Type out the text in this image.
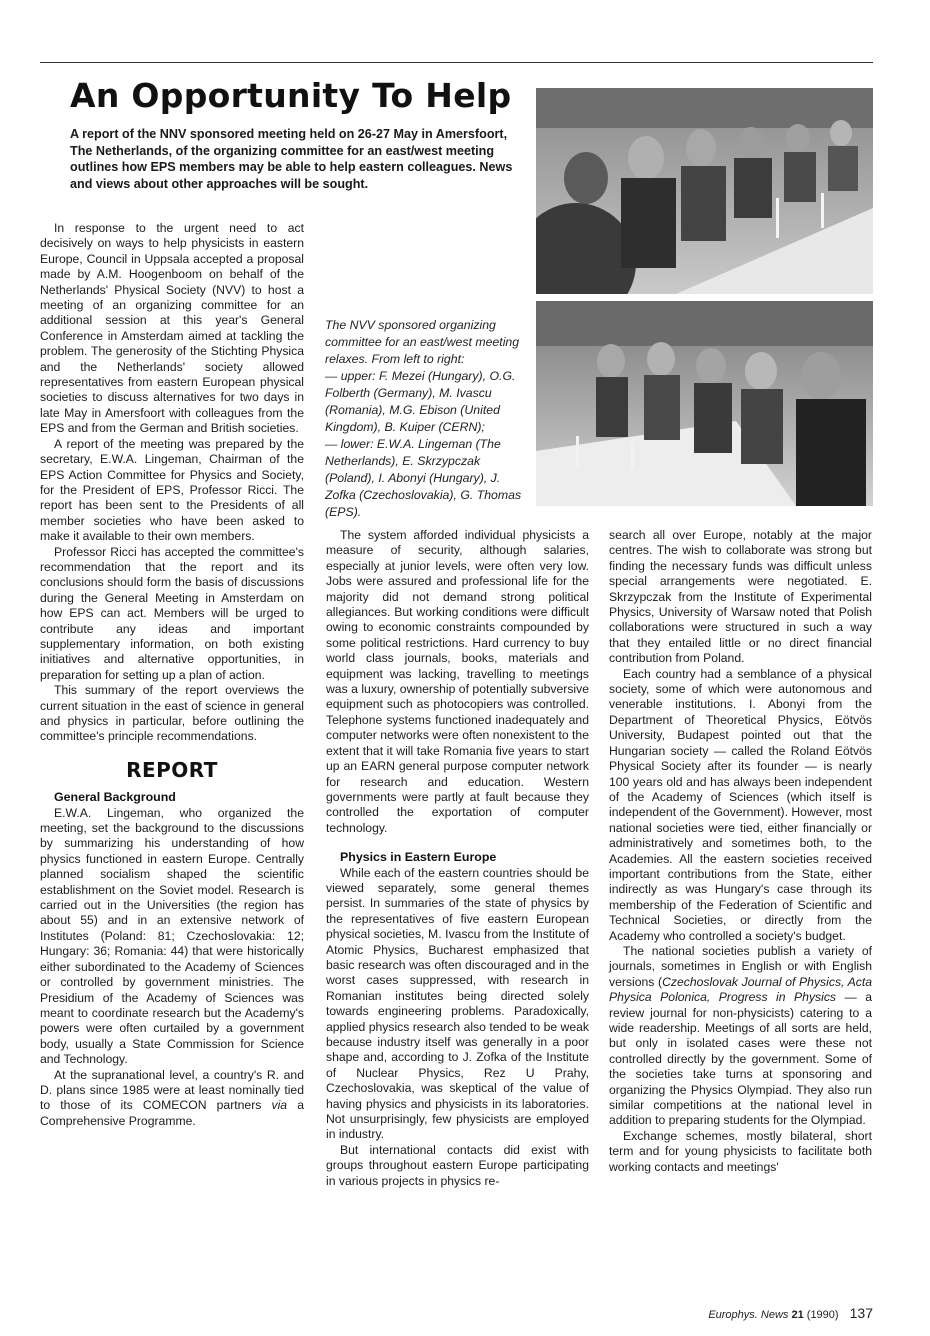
An Opportunity To Help

A report of the NNV sponsored meeting held on 26-27 May in Amersfoort, The Netherlands, of the organizing committee for an east/west meeting outlines how EPS members may be able to help eastern colleagues. News and views about other approaches will be sought.

The NVV sponsored organizing committee for an east/west meeting relaxes. From left to right:

— upper: F. Mezei (Hungary), O.G. Folberth (Germany), M. Ivascu (Romania), M.G. Ebison (United Kingdom), B. Kuiper (CERN);

— lower: E.W.A. Lingeman (The Netherlands), E. Skrzypczak (Poland), I. Abonyi (Hungary), J. Zofka (Czechoslovakia), G. Thomas (EPS).

In response to the urgent need to act decisively on ways to help physicists in eastern Europe, Council in Uppsala accepted a proposal made by A.M. Hoogenboom on behalf of the Netherlands' Physical Society (NVV) to host a meeting of an organizing committee for an additional session at this year's General Conference in Amsterdam aimed at tackling the problem. The generosity of the Stichting Physica and the Netherlands' society allowed representatives from eastern European physical societies to discuss alternatives for two days in late May in Amersfoort with colleagues from the EPS and from the German and British societies.

A report of the meeting was prepared by the secretary, E.W.A. Lingeman, Chairman of the EPS Action Committee for Physics and Society, for the President of EPS, Professor Ricci. The report has been sent to the Presidents of all member societies who have been asked to make it available to their own members.

Professor Ricci has accepted the committee's recommendation that the report and its conclusions should form the basis of discussions during the General Meeting in Amsterdam on how EPS can act. Members will be urged to contribute any ideas and important supplementary information, on both existing initiatives and alternative opportunities, in preparation for setting up a plan of action.

This summary of the report overviews the current situation in the east of science in general and physics in particular, before outlining the committee's principle recommendations.

REPORT

General Background

E.W.A. Lingeman, who organized the meeting, set the background to the discussions by summarizing his understanding of how physics functioned in eastern Europe. Centrally planned socialism shaped the scientific establishment on the Soviet model. Research is carried out in the Universities (the region has about 55) and in an extensive network of Institutes (Poland: 81; Czechoslovakia: 12; Hungary: 36; Romania: 44) that were historically either subordinated to the Academy of Sciences or controlled by government ministries. The Presidium of the Academy of Sciences was meant to coordinate research but the Academy's powers were often curtailed by a government body, usually a State Commission for Science and Technology.

At the supranational level, a country's R. and D. plans since 1985 were at least nominally tied to those of its COMECON partners via a Comprehensive Programme.

The system afforded individual physicists a measure of security, although salaries, especially at junior levels, were often very low. Jobs were assured and professional life for the majority did not demand strong political allegiances. But working conditions were difficult owing to economic constraints compounded by some political restrictions. Hard currency to buy world class journals, books, materials and equipment was lacking, travelling to meetings was a luxury, ownership of potentially subversive equipment such as photocopiers was controlled. Telephone systems functioned inadequately and computer networks were often nonexistent to the extent that it will take Romania five years to start up an EARN general purpose computer network for research and education. Western governments were partly at fault because they controlled the exportation of computer technology.

Physics in Eastern Europe

While each of the eastern countries should be viewed separately, some general themes persist. In summaries of the state of physics by the representatives of five eastern European physical societies, M. Ivascu from the Institute of Atomic Physics, Bucharest emphasized that basic research was often discouraged and in the worst cases suppressed, with research in Romanian institutes being directed solely towards engineering problems. Paradoxically, applied physics research also tended to be weak because industry itself was generally in a poor shape and, according to J. Zofka of the Institute of Nuclear Physics, Rez U Prahy, Czechoslovakia, was skeptical of the value of having physics and physicists in its laboratories. Not unsurprisingly, few physicists are employed in industry.

But international contacts did exist with groups throughout eastern Europe participating in various projects in physics re-

search all over Europe, notably at the major centres. The wish to collaborate was strong but finding the necessary funds was difficult unless special arrangements were negotiated. E. Skrzypczak from the Institute of Experimental Physics, University of Warsaw noted that Polish collaborations were structured in such a way that they entailed little or no direct financial contribution from Poland.

Each country had a semblance of a physical society, some of which were autonomous and venerable institutions. I. Abonyi from the Department of Theoretical Physics, Eötvös University, Budapest pointed out that the Hungarian society — called the Roland Eötvös Physical Society after its founder — is nearly 100 years old and has always been independent of the Academy of Sciences (which itself is independent of the Government). However, most national societies were tied, either financially or administratively and sometimes both, to the Academies. All the eastern societies received important contributions from the State, either indirectly as was Hungary's case through its membership of the Federation of Scientific and Technical Societies, or directly from the Academy who controlled a society's budget.

The national societies publish a variety of journals, sometimes in English or with English versions (Czechoslovak Journal of Physics, Acta Physica Polonica, Progress in Physics — a review journal for non-physicists) catering to a wide readership. Meetings of all sorts are held, but only in isolated cases were these not controlled directly by the government. Some of the societies take turns at sponsoring and organizing the Physics Olympiad. They also run similar competitions at the national level in addition to preparing students for the Olympiad.

Exchange schemes, mostly bilateral, short term and for young physicists to facilitate both working contacts and meetings'

Europhys. News 21 (1990) 137
